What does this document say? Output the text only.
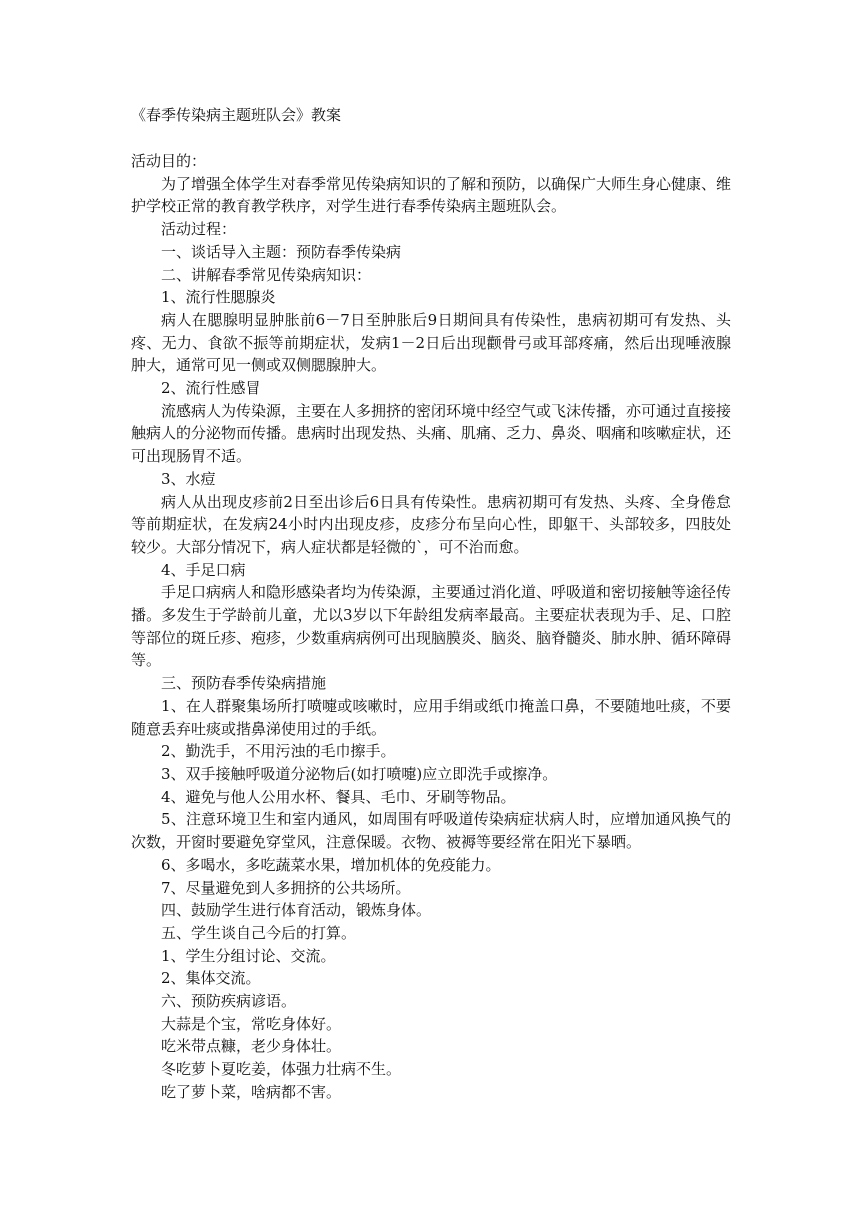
《春季传染病主题班队会》教案

活动目的：

为了增强全体学生对春季常见传染病知识的了解和预防，以确保广大师生身心健康、维护学校正常的教育教学秩序，对学生进行春季传染病主题班队会。

活动过程：

一、谈话导入主题：预防春季传染病

二、讲解春季常见传染病知识：

1、流行性腮腺炎

病人在腮腺明显肿胀前6－7日至肿胀后9日期间具有传染性，患病初期可有发热、头疼、无力、食欲不振等前期症状，发病1－2日后出现颧骨弓或耳部疼痛，然后出现唾液腺肿大，通常可见一侧或双侧腮腺肿大。

2、流行性感冒

流感病人为传染源，主要在人多拥挤的密闭环境中经空气或飞沫传播，亦可通过直接接触病人的分泌物而传播。患病时出现发热、头痛、肌痛、乏力、鼻炎、咽痛和咳嗽症状，还可出现肠胃不适。

3、水痘

病人从出现皮疹前2日至出诊后6日具有传染性。患病初期可有发热、头疼、全身倦怠等前期症状，在发病24小时内出现皮疹，皮疹分布呈向心性，即躯干、头部较多，四肢处较少。大部分情况下，病人症状都是轻微的`，可不治而愈。

4、手足口病

手足口病病人和隐形感染者均为传染源，主要通过消化道、呼吸道和密切接触等途径传播。多发生于学龄前儿童，尤以3岁以下年龄组发病率最高。主要症状表现为手、足、口腔等部位的斑丘疹、疱疹，少数重病病例可出现脑膜炎、脑炎、脑脊髓炎、肺水肿、循环障碍等。

三、预防春季传染病措施

1、在人群聚集场所打喷嚏或咳嗽时，应用手绢或纸巾掩盖口鼻，不要随地吐痰，不要随意丢弃吐痰或揩鼻涕使用过的手纸。

2、勤洗手，不用污浊的毛巾擦手。

3、双手接触呼吸道分泌物后(如打喷嚏)应立即洗手或擦净。

4、避免与他人公用水杯、餐具、毛巾、牙刷等物品。

5、注意环境卫生和室内通风，如周围有呼吸道传染病症状病人时，应增加通风换气的次数，开窗时要避免穿堂风，注意保暖。衣物、被褥等要经常在阳光下暴晒。

6、多喝水，多吃蔬菜水果，增加机体的免疫能力。

7、尽量避免到人多拥挤的公共场所。

四、鼓励学生进行体育活动，锻炼身体。

五、学生谈自己今后的打算。

1、学生分组讨论、交流。

2、集体交流。

六、预防疾病谚语。

大蒜是个宝，常吃身体好。

吃米带点糠，老少身体壮。

冬吃萝卜夏吃姜，体强力壮病不生。

吃了萝卜菜，啥病都不害。
